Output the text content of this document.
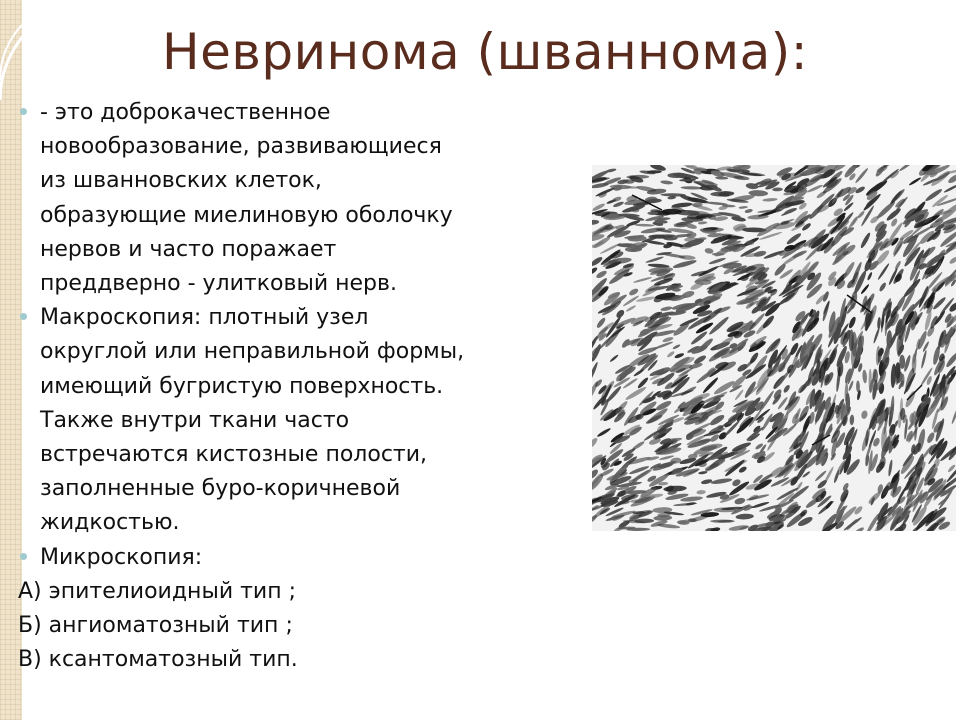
Невринома (шваннома):
- это доброкачественное
новообразование, развивающиеся
из шванновских клеток,
образующие миелиновую оболочку
нервов и часто поражает
преддверно - улитковый нерв.
Макроскопия: плотный узел
округлой или неправильной формы,
имеющий бугристую поверхность.
Также внутри ткани часто
встречаются кистозные полости,
заполненные буро-коричневой
жидкостью.
Микроскопия:
А) эпителиоидный тип ;
Б) ангиоматозный тип ;
В) ксантоматозный тип.
